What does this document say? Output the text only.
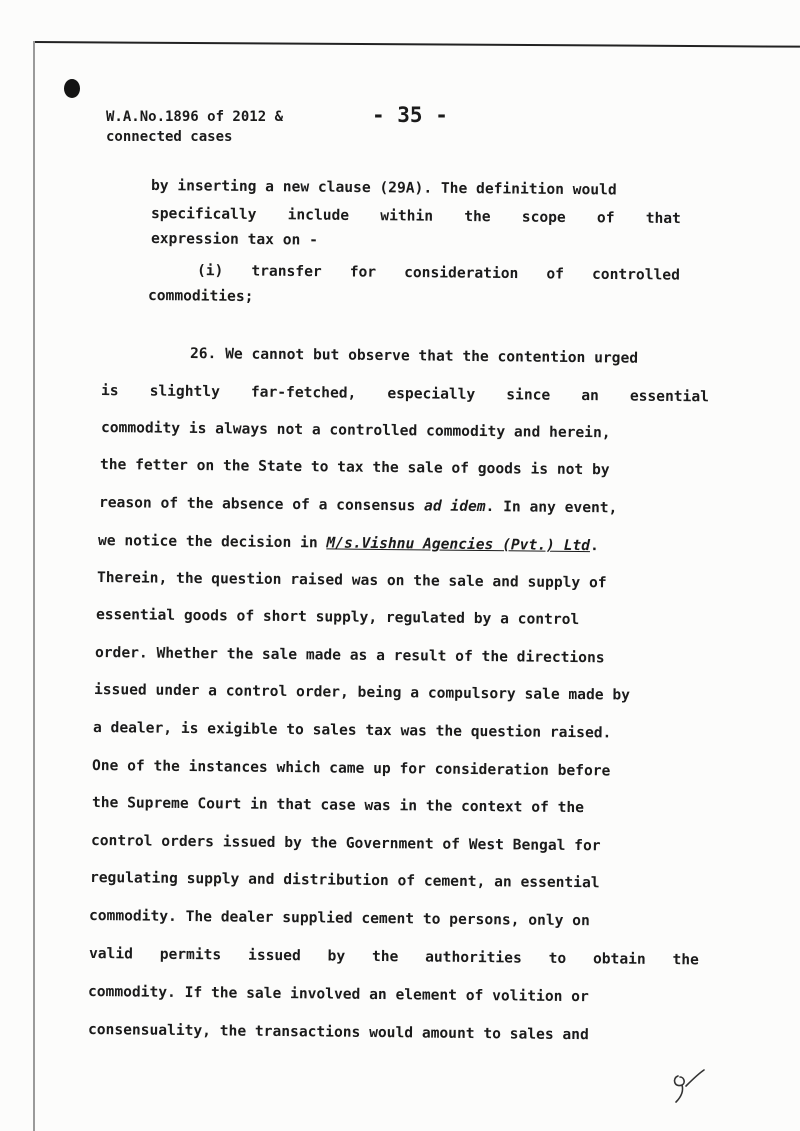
W.A.No.1896 of 2012 &
connected cases
- 35 -
by inserting a new clause (29A). The definition would
specifically include within the scope of that
expression tax on -
(i) transfer for consideration of controlled
commodities;
26. We cannot but observe that the contention urged
is slightly far-fetched, especially since an essential
commodity is always not a controlled commodity and herein,
the fetter on the State to tax the sale of goods is not by
reason of the absence of a consensus ad idem. In any event,
we notice the decision in M/s.Vishnu Agencies (Pvt.) Ltd.
Therein, the question raised was on the sale and supply of
essential goods of short supply, regulated by a control
order. Whether the sale made as a result of the directions
issued under a control order, being a compulsory sale made by
a dealer, is exigible to sales tax was the question raised.
One of the instances which came up for consideration before
the Supreme Court in that case was in the context of the
control orders issued by the Government of West Bengal for
regulating supply and distribution of cement, an essential
commodity. The dealer supplied cement to persons, only on
valid permits issued by the authorities to obtain the
commodity. If the sale involved an element of volition or
consensuality, the transactions would amount to sales and
